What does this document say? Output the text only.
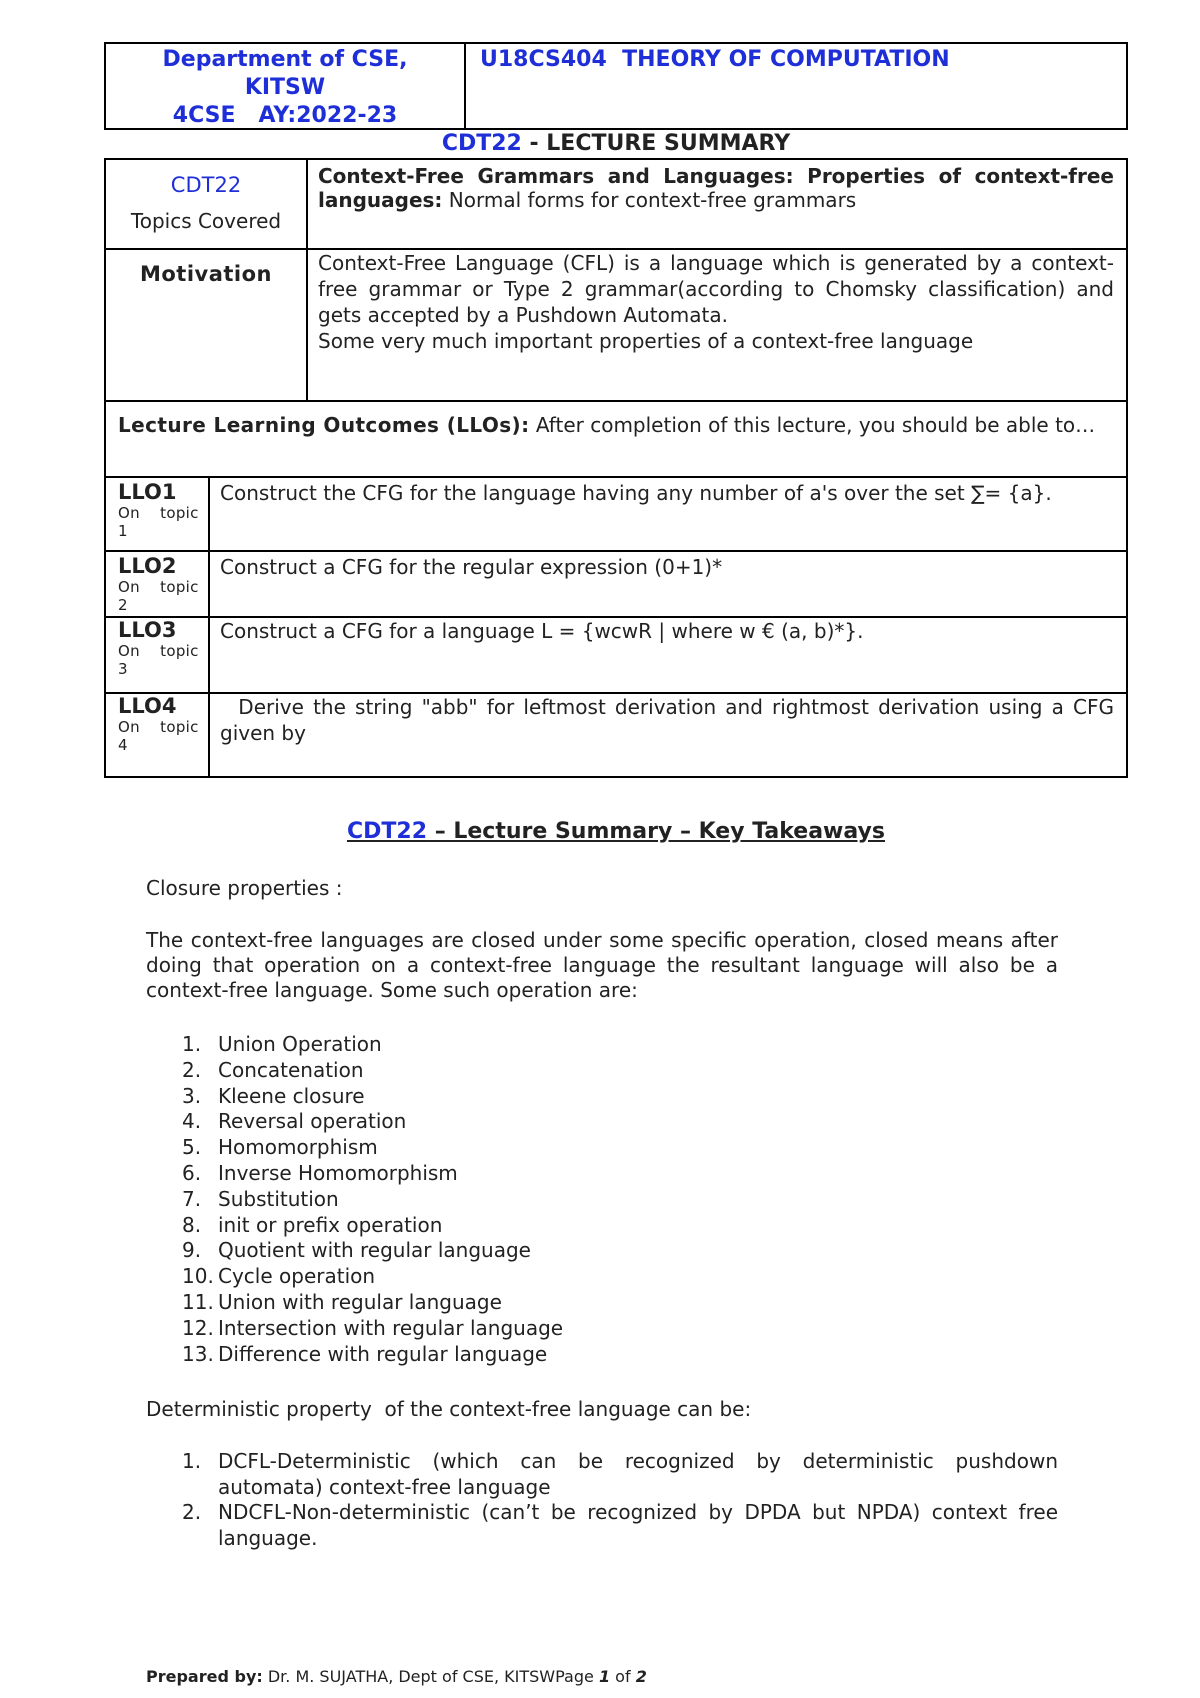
Department of CSE,
KITSW
4CSE   AY:2022-23
U18CS404  THEORY OF COMPUTATION
CDT22 - LECTURE SUMMARY
CDT22
Topics Covered
Context-Free Grammars and Languages: Properties of context-free languages: Normal forms for context-free grammars
Motivation	Context-Free Language (CFL) is a language which is generated by a context-free grammar or Type 2 grammar(according to Chomsky classification) and gets accepted by a Pushdown Automata.
Some very much important properties of a context-free language
Lecture Learning Outcomes (LLOs): After completion of this lecture, you should be able to…
LLO1
On    topic
1
Construct the CFG for the language having any number of a's over the set ∑= {a}.
LLO2
On    topic
2
Construct a CFG for the regular expression (0+1)*
LLO3
On    topic
3
Construct a CFG for a language L = {wcwR | where w € (a, b)*}.
LLO4
On    topic
4
Derive the string "abb" for leftmost derivation and rightmost derivation using a CFG given by
CDT22 – Lecture Summary – Key Takeaways
Closure properties :
The context-free languages are closed under some specific operation, closed means after doing that operation on a context-free language the resultant language will also be a context-free language. Some such operation are:
1. Union Operation
2. Concatenation
3. Kleene closure
4. Reversal operation
5. Homomorphism
6. Inverse Homomorphism
7. Substitution
8. init or prefix operation
9. Quotient with regular language
10. Cycle operation
11. Union with regular language
12. Intersection with regular language
13. Difference with regular language
Deterministic property  of the context-free language can be:
1. DCFL-Deterministic (which can be recognized by deterministic pushdown automata) context-free language
2. NDCFL-Non-deterministic (can’t be recognized by DPDA but NPDA) context free language.
Prepared by: Dr. M. SUJATHA, Dept of CSE, KITSWPage 1 of 2
